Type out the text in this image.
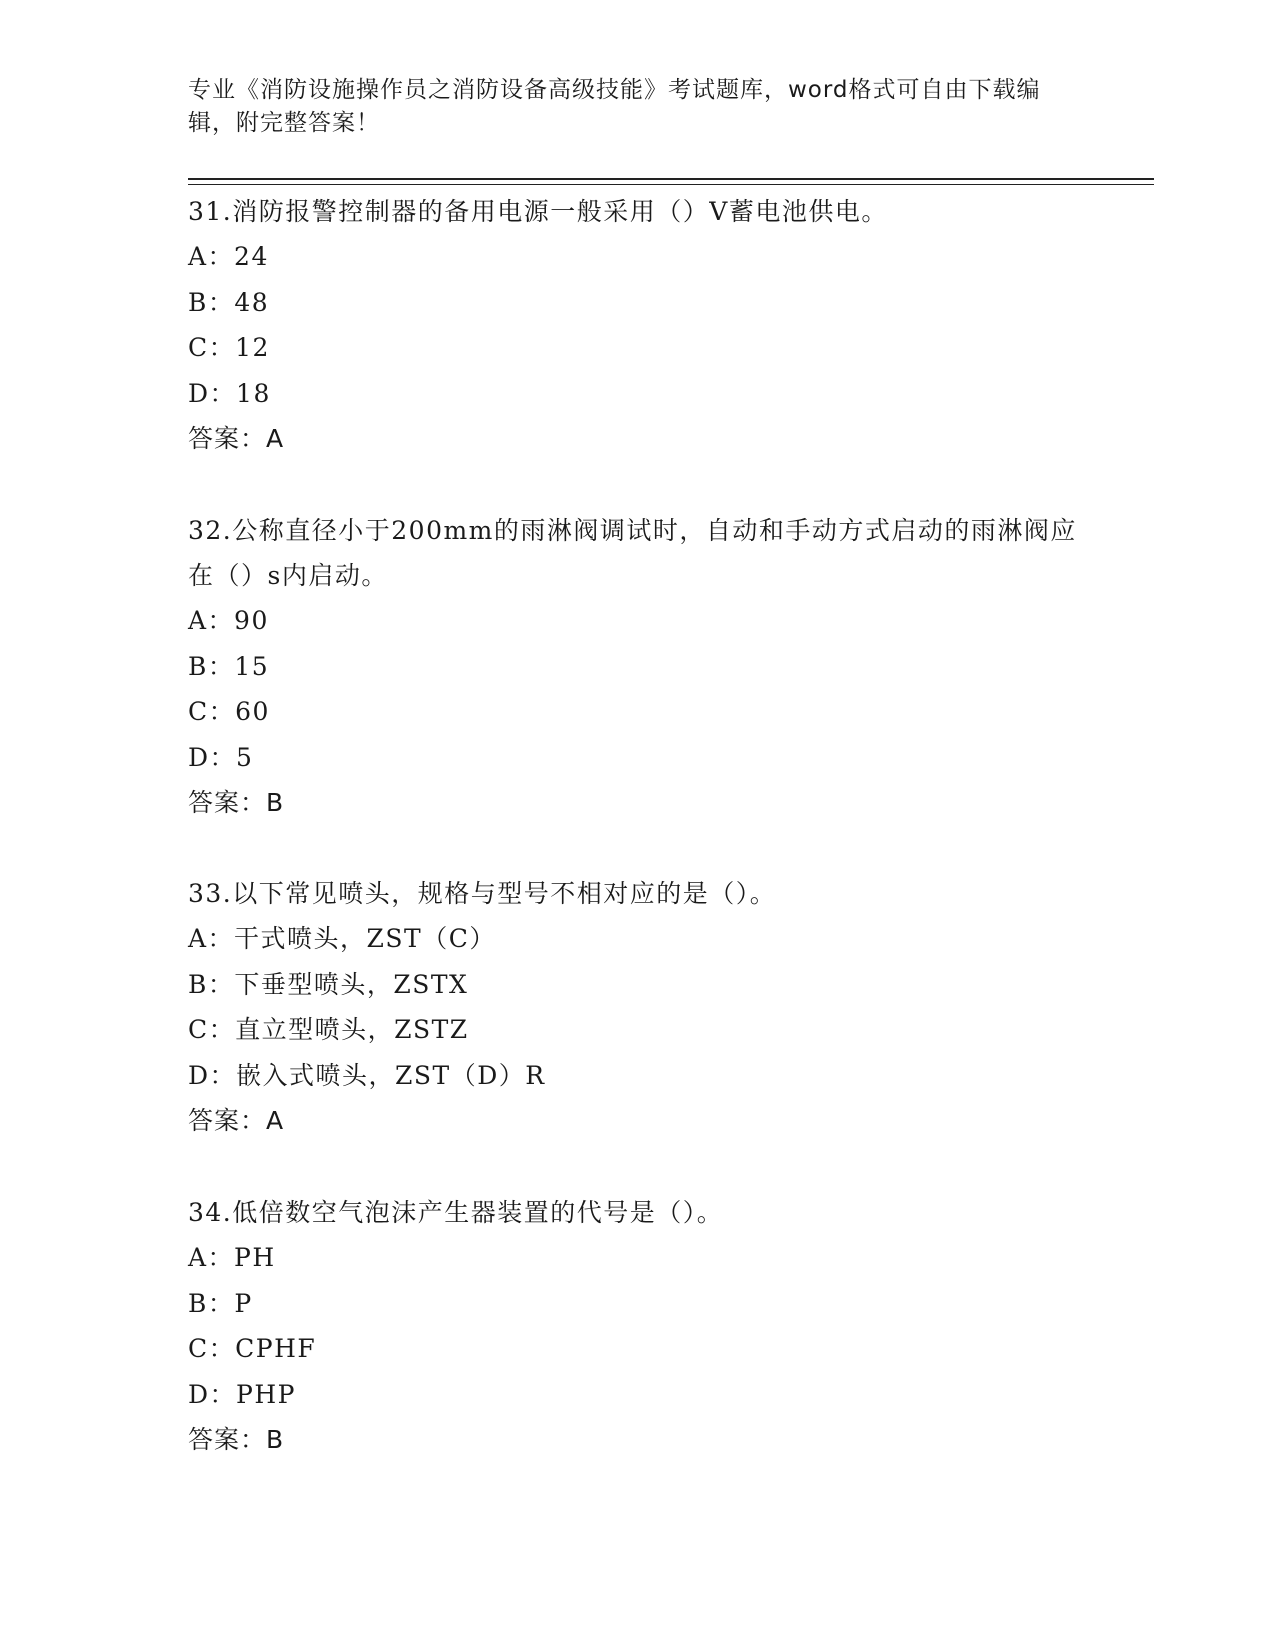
专业《消防设施操作员之消防设备高级技能》考试题库，word格式可自由下载编辑，附完整答案！

31.消防报警控制器的备用电源一般采用（）V蓄电池供电。

A：24

B：48

C：12

D：18

答案：A

32.公称直径小于200mm的雨淋阀调试时，自动和手动方式启动的雨淋阀应在（）s内启动。

A：90

B：15

C：60

D：5

答案：B

33.以下常见喷头，规格与型号不相对应的是（）。

A：干式喷头，ZST（C）

B：下垂型喷头，ZSTX

C：直立型喷头，ZSTZ

D：嵌入式喷头，ZST（D）R

答案：A

34.低倍数空气泡沫产生器装置的代号是（）。

A：PH

B：P

C：CPHF

D：PHP

答案：B
